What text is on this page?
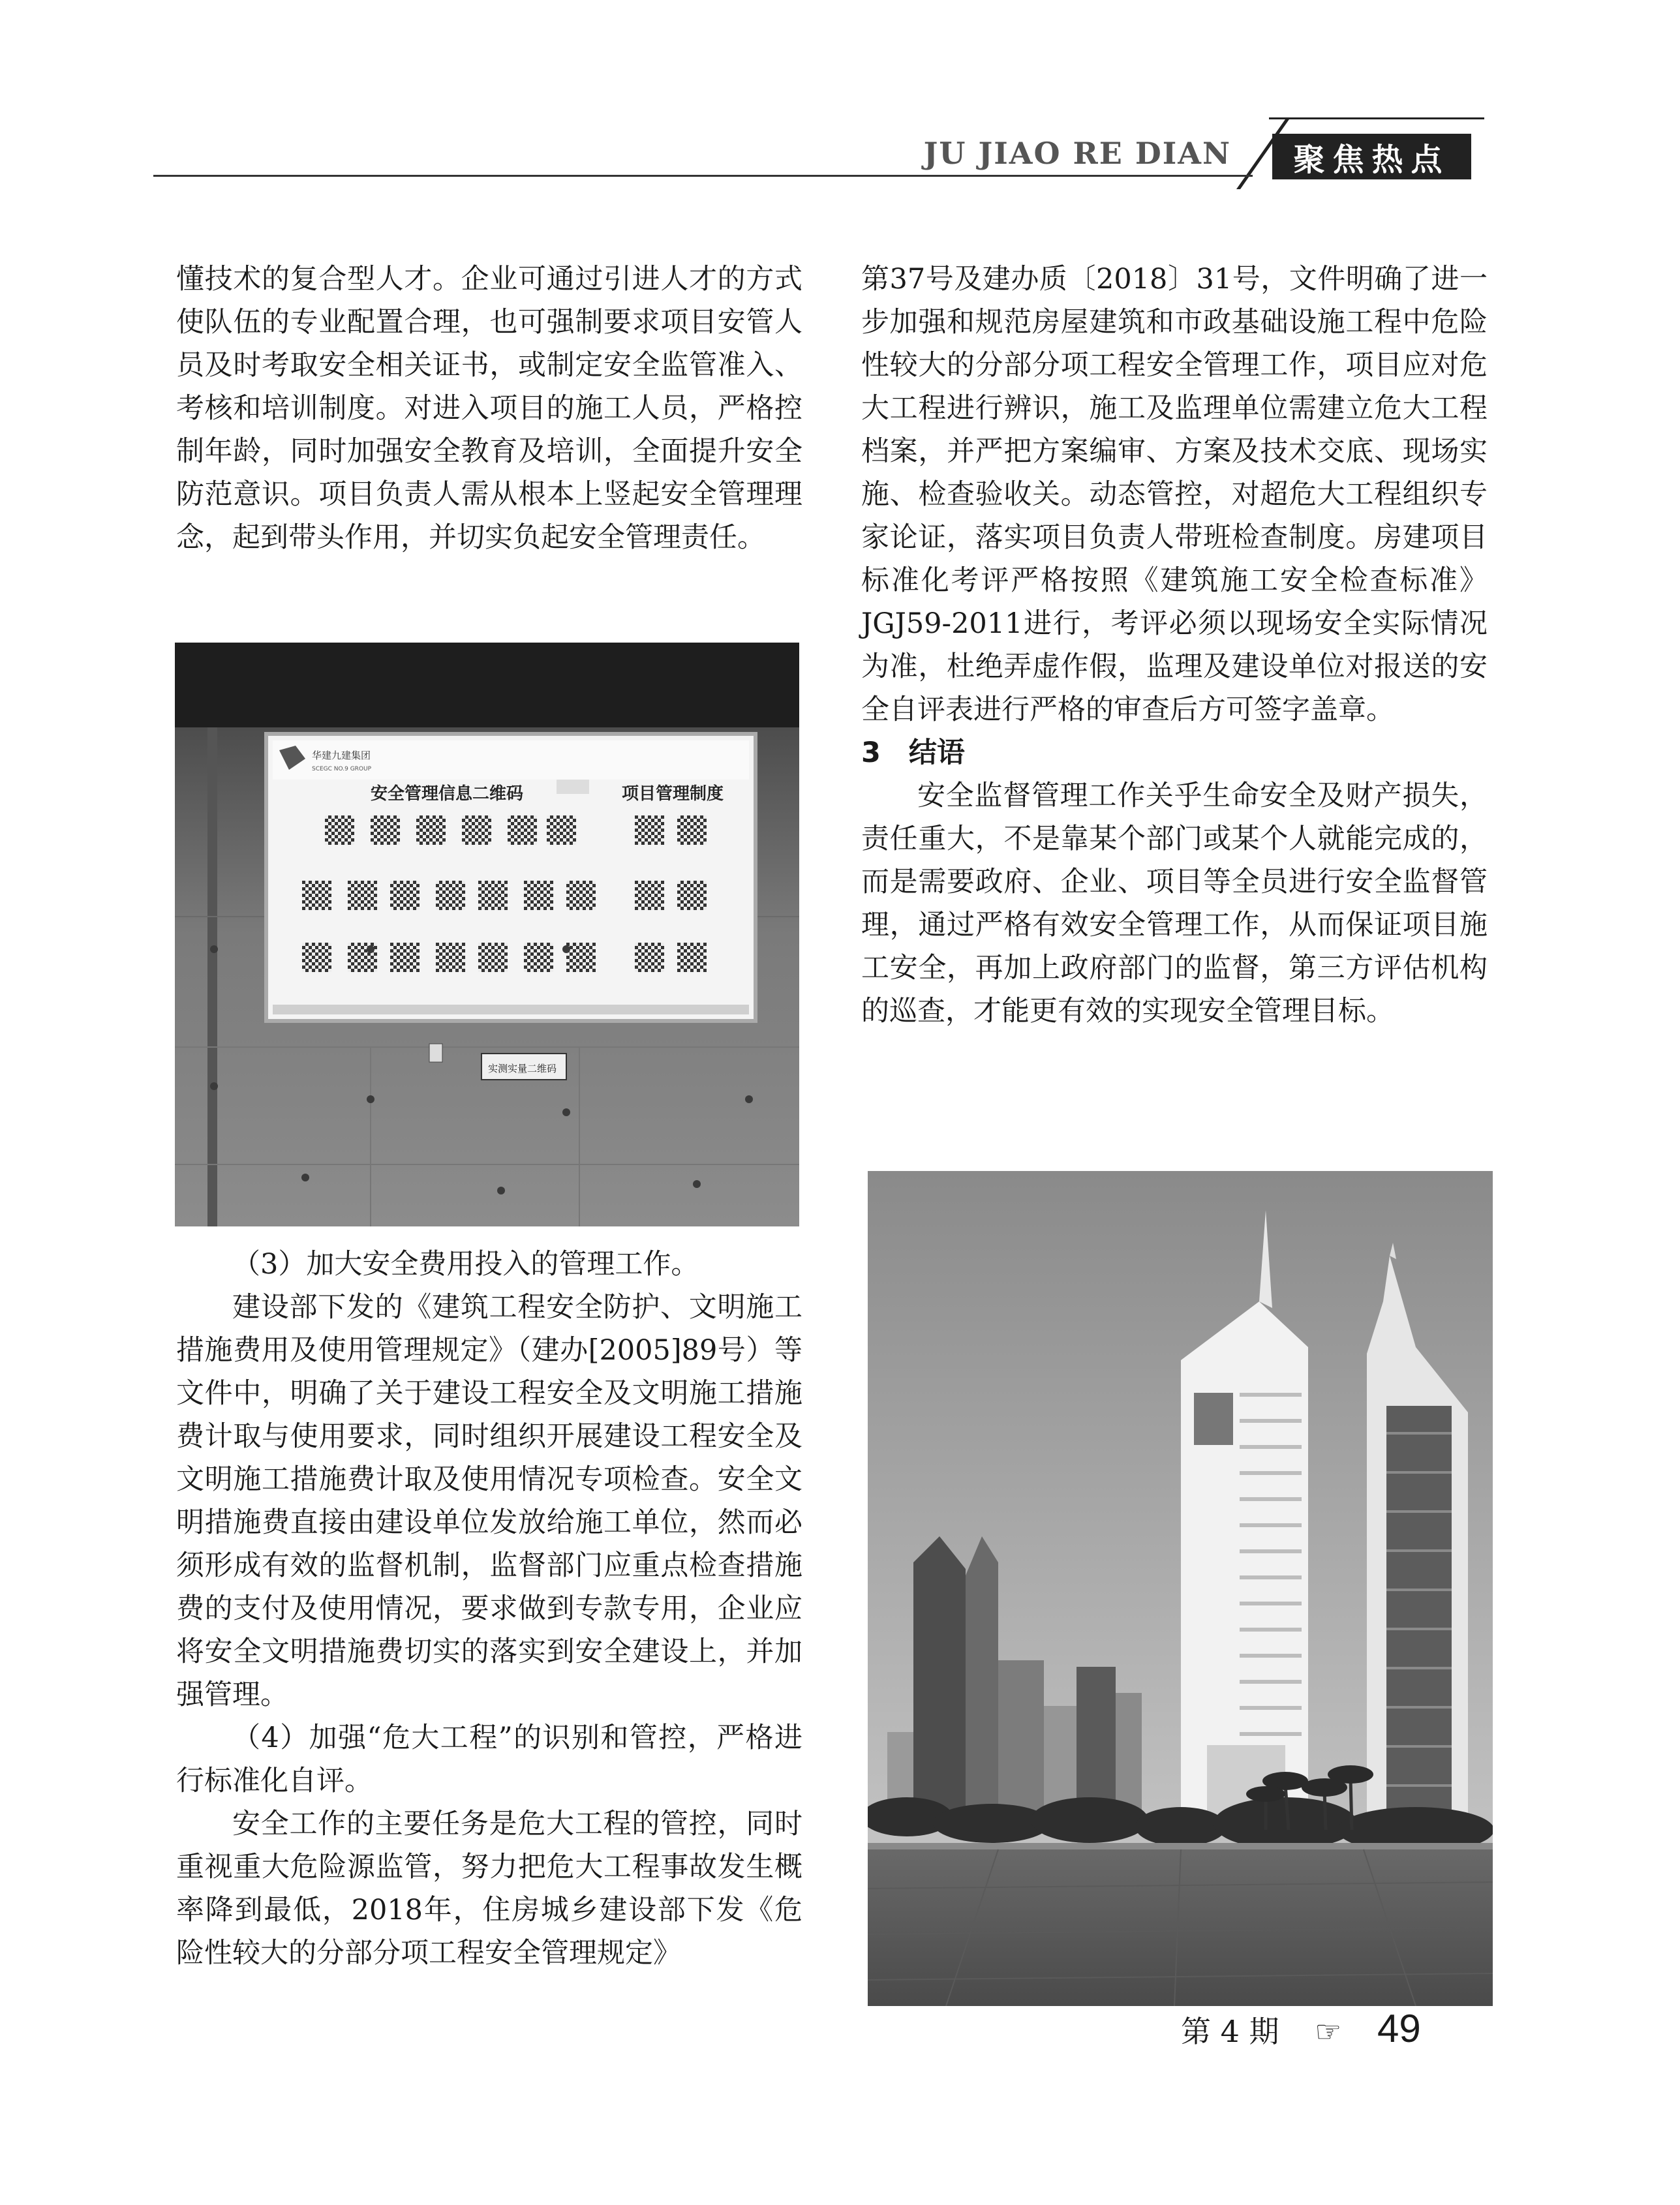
JU JIAO RE DIAN	聚焦热点

懂技术的复合型人才。企业可通过引进人才的方式使队伍的专业配置合理，也可强制要求项目安管人员及时考取安全相关证书，或制定安全监管准入、考核和培训制度。对进入项目的施工人员，严格控制年龄，同时加强安全教育及培训，全面提升安全防范意识。项目负责人需从根本上竖起安全管理理念，起到带头作用，并切实负起安全管理责任。

华建九建集团
SCEGC NO.9 GROUP
安全管理信息二维码	项目管理制度
实测实量二维码

（3）加大安全费用投入的管理工作。

建设部下发的《建筑工程安全防护、文明施工措施费用及使用管理规定》（建办[2005]89号）等文件中，明确了关于建设工程安全及文明施工措施费计取与使用要求，同时组织开展建设工程安全及文明施工措施费计取及使用情况专项检查。安全文明措施费直接由建设单位发放给施工单位，然而必须形成有效的监督机制，监督部门应重点检查措施费的支付及使用情况，要求做到专款专用，企业应将安全文明措施费切实的落实到安全建设上，并加强管理。

（4）加强“危大工程”的识别和管控，严格进行标准化自评。

安全工作的主要任务是危大工程的管控，同时重视重大危险源监管，努力把危大工程事故发生概率降到最低，2018年，住房城乡建设部下发《危险性较大的分部分项工程安全管理规定》

第37号及建办质〔2018〕31号，文件明确了进一步加强和规范房屋建筑和市政基础设施工程中危险性较大的分部分项工程安全管理工作，项目应对危大工程进行辨识，施工及监理单位需建立危大工程档案，并严把方案编审、方案及技术交底、现场实施、检查验收关。动态管控，对超危大工程组织专家论证，落实项目负责人带班检查制度。房建项目标准化考评严格按照《建筑施工安全检查标准》JGJ59-2011进行，考评必须以现场安全实际情况为准，杜绝弄虚作假，监理及建设单位对报送的安全自评表进行严格的审查后方可签字盖章。

3　结语

安全监督管理工作关乎生命安全及财产损失，责任重大，不是靠某个部门或某个人就能完成的，而是需要政府、企业、项目等全员进行安全监督管理，通过严格有效安全管理工作，从而保证项目施工安全，再加上政府部门的监督，第三方评估机构的巡查，才能更有效的实现安全管理目标。

第 4 期 ☞ 49
